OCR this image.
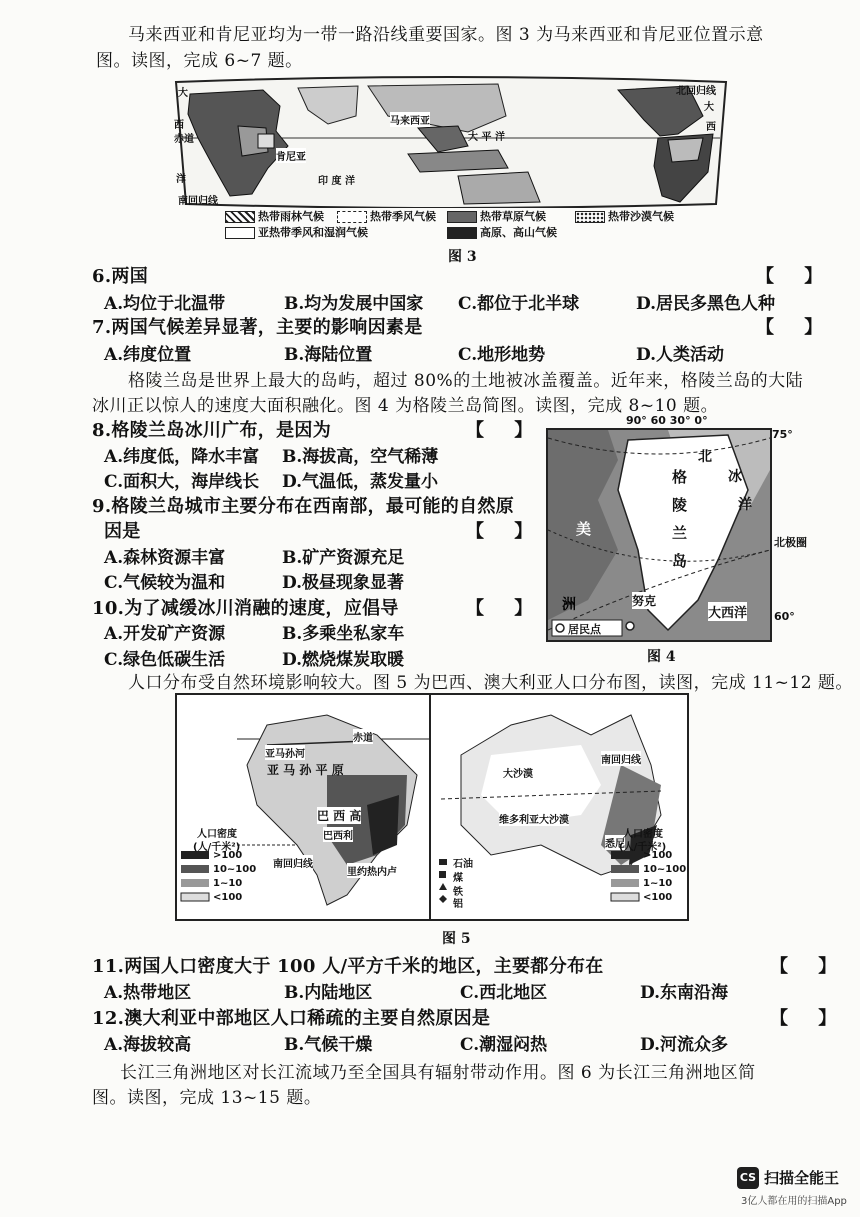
马来西亚和肯尼亚均为一带一路沿线重要国家。图 3 为马来西亚和肯尼亚位置示意
图。读图，完成 6~7 题。
大
西
赤道
洋
南回归线
肯尼亚
印 度 洋
马来西亚
大 平 洋
北回归线
大
西
热带雨林气候	热带季风气候	热带草原气候	热带沙漠气候
亚热带季风和湿润气候	高原、高山气候
图 3
6.两国	【 】
A.均位于北温带	B.均为发展中国家 C.都位于北半球	D.居民多黑色人种
7.两国气候差异显著，主要的影响因素是	【 】
A.纬度位置	B.海陆位置	C.地形地势	D.人类活动
格陵兰岛是世界上最大的岛屿，超过 80%的土地被冰盖覆盖。近年来，格陵兰岛的大陆
冰川正以惊人的速度大面积融化。图 4 为格陵兰岛简图。读图，完成 8~10 题。
8.格陵兰岛冰川广布，是因为	【 】
A.纬度低，降水丰富 B.海拔高，空气稀薄
C.面积大，海岸线长 D.气温低，蒸发量小
9.格陵兰岛城市主要分布在西南部，最可能的自然原
因是	【 】
A.森林资源丰富	B.矿产资源充足
C.气候较为温和	D.极昼现象显著
10.为了减缓冰川消融的速度，应倡导	【 】
A.开发矿产资源	B.多乘坐私家车
C.绿色低碳生活	D.燃烧煤炭取暖
90° 60 30° 0°
75°
60°
北
冰
洋
格
陵
兰
岛
美
洲	努克
大西洋
北极圈
居民点
图 4
人口分布受自然环境影响较大。图 5 为巴西、澳大利亚人口分布图，读图，完成 11~12 题。
赤道
亚马孙河
亚 马 孙 平 原
巴 西 高
巴西利
里约热内卢
南回归线
人口密度
(人/千米²)
>100
10~100
1~10
<100
大沙漠
维多利亚大沙漠
南回归线
悉尼
石油
煤
铁
铝
人口密度
(人/千米²)
>100
10~100
1~10
<100
图 5
11.两国人口密度大于 100 人/平方千米的地区，主要都分布在	【 】
A.热带地区	B.内陆地区	C.西北地区	D.东南沿海
12.澳大利亚中部地区人口稀疏的主要自然原因是	【 】
A.海拔较高	B.气候干燥	C.潮湿闷热	D.河流众多
长江三角洲地区对长江流域乃至全国具有辐射带动作用。图 6 为长江三角洲地区简
图。读图，完成 13~15 题。
CS 扫描全能王
3亿人都在用的扫描App
